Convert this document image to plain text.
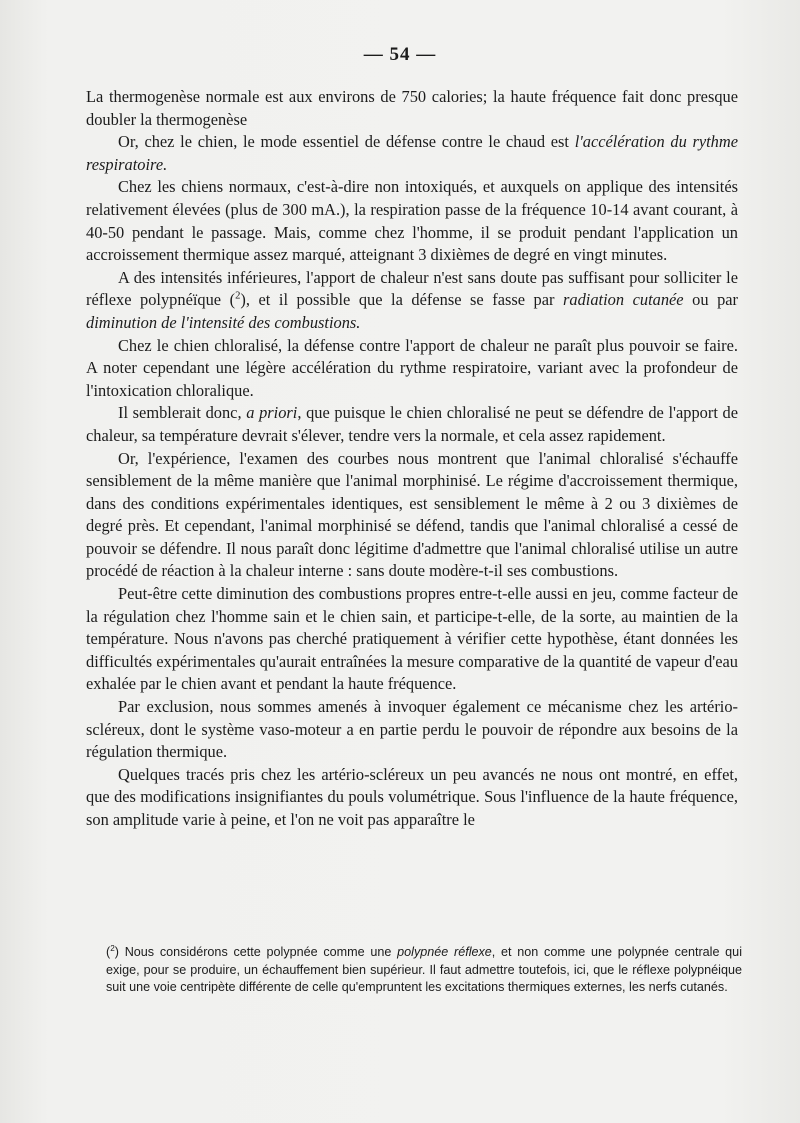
— 54 —

La thermogenèse normale est aux environs de 750 calories; la haute fréquence fait donc presque doubler la thermogenèse

Or, chez le chien, le mode essentiel de défense contre le chaud est l'accélération du rythme respiratoire.

Chez les chiens normaux, c'est-à-dire non intoxiqués, et auxquels on applique des intensités relativement élevées (plus de 300 mA.), la respiration passe de la fréquence 10-14 avant courant, à 40-50 pendant le passage. Mais, comme chez l'homme, il se produit pendant l'application un accroissement thermique assez marqué, atteignant 3 dixièmes de degré en vingt minutes.

A des intensités inférieures, l'apport de chaleur n'est sans doute pas suffisant pour solliciter le réflexe polypnéïque ($^2$), et il possible que la défense se fasse par radiation cutanée ou par diminution de l'intensité des combustions.

Chez le chien chloralisé, la défense contre l'apport de chaleur ne paraît plus pouvoir se faire. A noter cependant une légère accélération du rythme respiratoire, variant avec la profondeur de l'intoxication chloralique.

Il semblerait donc, a priori, que puisque le chien chloralisé ne peut se défendre de l'apport de chaleur, sa température devrait s'élever, tendre vers la normale, et cela assez rapidement.

Or, l'expérience, l'examen des courbes nous montrent que l'animal chloralisé s'échauffe sensiblement de la même manière que l'animal morphinisé. Le régime d'accroissement thermique, dans des conditions expérimentales identiques, est sensiblement le même à 2 ou 3 dixièmes de degré près. Et cependant, l'animal morphinisé se défend, tandis que l'animal chloralisé a cessé de pouvoir se défendre. Il nous paraît donc légitime d'admettre que l'animal chloralisé utilise un autre procédé de réaction à la chaleur interne : sans doute modère-t-il ses combustions.

Peut-être cette diminution des combustions propres entre-t-elle aussi en jeu, comme facteur de la régulation chez l'homme sain et le chien sain, et participe-t-elle, de la sorte, au maintien de la température. Nous n'avons pas cherché pratiquement à vérifier cette hypothèse, étant données les difficultés expérimentales qu'aurait entraînées la mesure comparative de la quantité de vapeur d'eau exhalée par le chien avant et pendant la haute fréquence.

Par exclusion, nous sommes amenés à invoquer également ce mécanisme chez les artério-scléreux, dont le système vaso-moteur a en partie perdu le pouvoir de répondre aux besoins de la régulation thermique.

Quelques tracés pris chez les artério-scléreux un peu avancés ne nous ont montré, en effet, que des modifications insignifiantes du pouls volumétrique. Sous l'influence de la haute fréquence, son amplitude varie à peine, et l'on ne voit pas apparaître le

($^2$) Nous considérons cette polypnée comme une polypnée réflexe, et non comme une polypnée centrale qui exige, pour se produire, un échauffement bien supérieur. Il faut admettre toutefois, ici, que le réflexe polypnéique suit une voie centripète différente de celle qu'empruntent les excitations thermiques externes, les nerfs cutanés.
